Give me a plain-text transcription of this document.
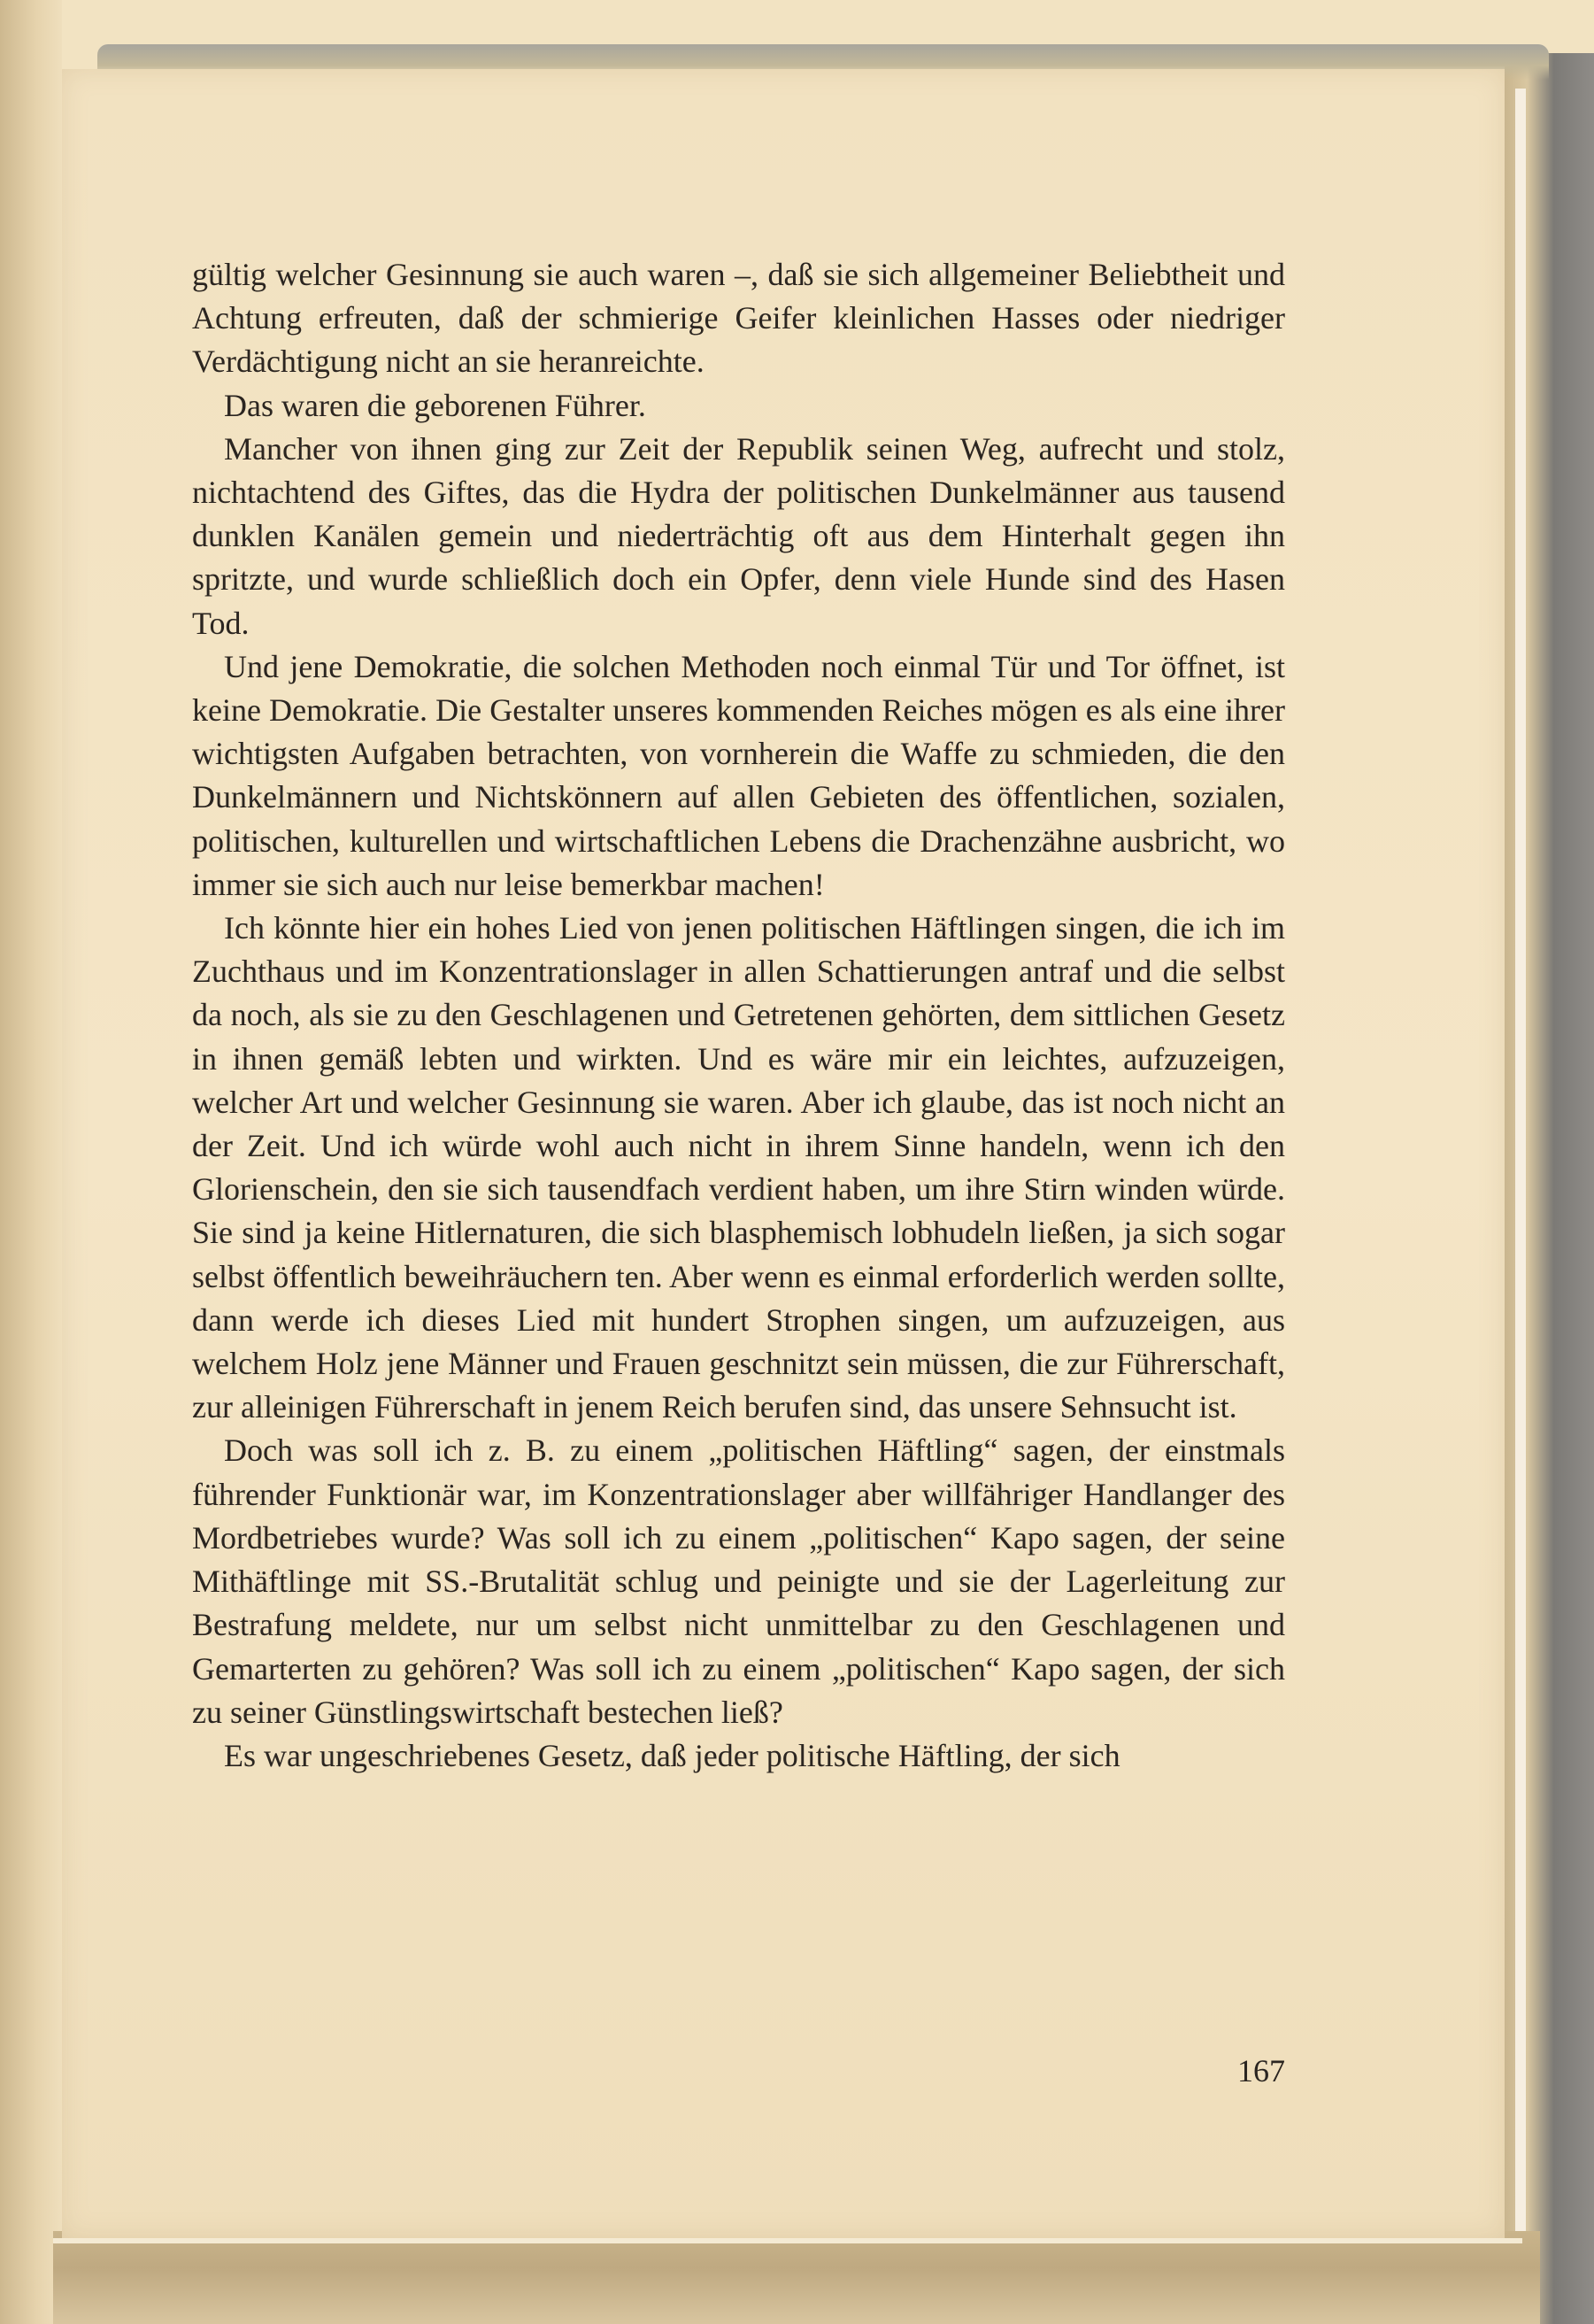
gültig welcher Gesinnung sie auch waren –, daß sie sich allgemeiner Beliebtheit und Achtung erfreuten, daß der schmierige Geifer kleinlichen Hasses oder niedriger Verdächtigung nicht an sie heranreichte.

Das waren die geborenen Führer.

Mancher von ihnen ging zur Zeit der Republik seinen Weg, aufrecht und stolz, nichtachtend des Giftes, das die Hydra der politischen Dunkelmänner aus tausend dunklen Kanälen gemein und niederträchtig oft aus dem Hinterhalt gegen ihn spritzte, und wurde schließlich doch ein Opfer, denn viele Hunde sind des Hasen Tod.

Und jene Demokratie, die solchen Methoden noch einmal Tür und Tor öffnet, ist keine Demokratie. Die Gestalter unseres kommenden Reiches mögen es als eine ihrer wichtigsten Aufgaben betrachten, von vornherein die Waffe zu schmieden, die den Dunkelmännern und Nichtskönnern auf allen Gebieten des öffentlichen, sozialen, politischen, kulturellen und wirtschaftlichen Lebens die Drachenzähne ausbricht, wo immer sie sich auch nur leise bemerkbar machen!

Ich könnte hier ein hohes Lied von jenen politischen Häftlingen singen, die ich im Zuchthaus und im Konzentrationslager in allen Schattierungen antraf und die selbst da noch, als sie zu den Geschlagenen und Getretenen gehörten, dem sittlichen Gesetz in ihnen gemäß lebten und wirkten. Und es wäre mir ein leichtes, aufzuzeigen, welcher Art und welcher Gesinnung sie waren. Aber ich glaube, das ist noch nicht an der Zeit. Und ich würde wohl auch nicht in ihrem Sinne handeln, wenn ich den Glorienschein, den sie sich tausendfach verdient haben, um ihre Stirn winden würde. Sie sind ja keine Hitlernaturen, die sich blasphemisch lobhudeln ließen, ja sich sogar selbst öffentlich beweihräuchern ten. Aber wenn es einmal erforderlich werden sollte, dann werde ich dieses Lied mit hundert Strophen singen, um aufzuzeigen, aus welchem Holz jene Männer und Frauen geschnitzt sein müssen, die zur Führerschaft, zur alleinigen Führerschaft in jenem Reich berufen sind, das unsere Sehnsucht ist.

Doch was soll ich z. B. zu einem „politischen Häftling“ sagen, der einstmals führender Funktionär war, im Konzentrationslager aber willfähriger Handlanger des Mordbetriebes wurde? Was soll ich zu einem „politischen“ Kapo sagen, der seine Mithäftlinge mit SS.-Brutalität schlug und peinigte und sie der Lagerleitung zur Bestrafung meldete, nur um selbst nicht unmittelbar zu den Geschlagenen und Gemarterten zu gehören? Was soll ich zu einem „politischen“ Kapo sagen, der sich zu seiner Günstlingswirtschaft bestechen ließ?

Es war ungeschriebenes Gesetz, daß jeder politische Häftling, der sich

167
